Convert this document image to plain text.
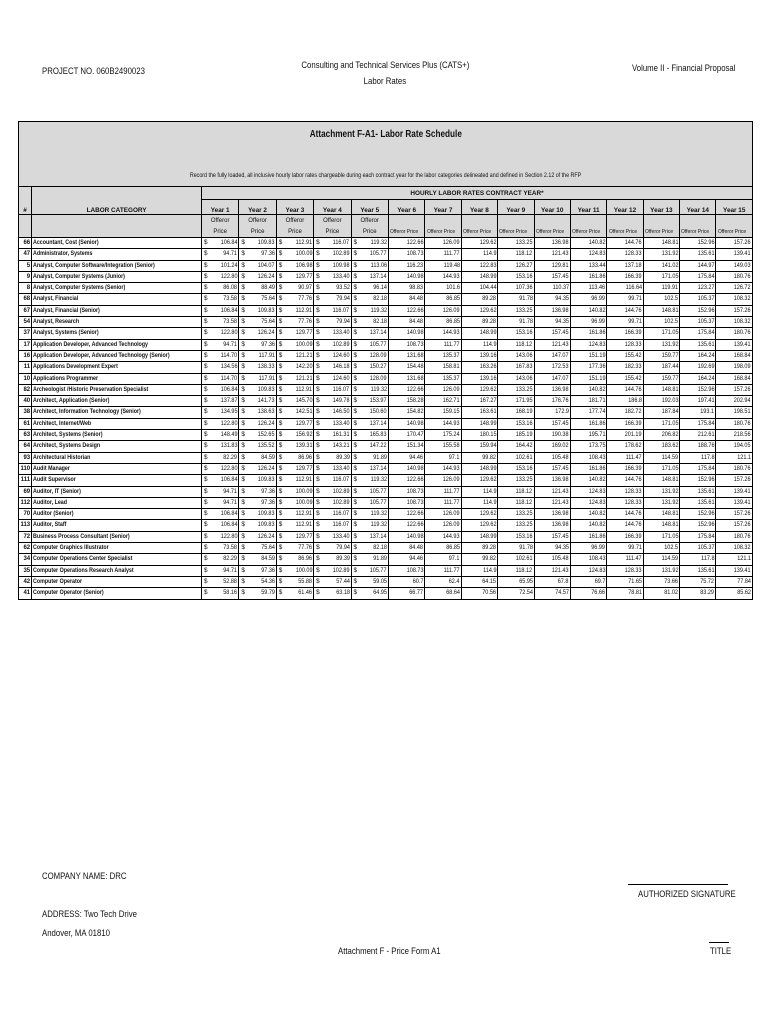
PROJECT NO. 060B2490023
Consulting and Technical Services Plus (CATS+)
Labor Rates
Volume II - Financial Proposal
Attachment F-A1- Labor Rate Schedule
Record the fully loaded, all inclusive hourly labor rates chargeable during each contract year for the labor categories delineated and defined in Section 2.12 of the RFP
		HOURLY LABOR RATES CONTRACT YEAR*																			
#	LABOR CATEGORY	Year 1		Year 2		Year 3		Year 4		Year 5		Year 6	Year 7	Year 8	Year 9	Year 10	Year 11	Year 12	Year 13	Year 14	Year 15
		Offeror		Offeror		Offeror		Offeror		Offeror											
		Price		Price		Price		Price		Price		Offeror Price	Offeror Price	Offeror Price	Offeror Price	Offeror Price	Offeror Price	Offeror Price	Offeror Price	Offeror Price	Offeror Price
66	Accountant, Cost (Senior)	$	106.84	$	109.83	$	112.91	$	116.07	$	119.32	122.66	126.09	129.62	133.25	136.98	140.82	144.76	148.81	152.96	157.26
47	Administrator, Systems	$	94.71	$	97.36	$	100.09	$	102.89	$	105.77	108.73	111.77	114.9	118.12	121.43	124.83	128.33	131.92	135.61	139.41
5	Analyst, Computer Software/Integration (Senior)	$	101.24	$	104.07	$	106.98	$	109.98	$	113.06	116.23	119.48	122.83	126.27	129.81	133.44	137.18	141.02	144.97	149.03
9	Analyst, Computer Systems (Junior)	$	122.80	$	126.24	$	129.77	$	133.40	$	137.14	140.98	144.93	148.99	153.16	157.45	161.86	166.39	171.05	175.84	180.76
8	Analyst, Computer Systems (Senior)	$	86.08	$	88.49	$	90.97	$	93.52	$	96.14	98.83	101.6	104.44	107.36	110.37	113.46	116.64	119.91	123.27	126.72
68	Analyst, Financial	$	73.58	$	75.64	$	77.76	$	79.94	$	82.18	84.48	86.85	89.28	91.78	94.35	96.99	99.71	102.5	105.37	108.32
67	Analyst, Financial (Senior)	$	106.84	$	109.83	$	112.91	$	116.07	$	119.32	122.66	126.09	129.62	133.25	136.98	140.82	144.76	148.81	152.96	157.26
54	Analyst, Research	$	73.58	$	75.64	$	77.76	$	79.94	$	82.18	84.48	86.85	89.28	91.78	94.35	96.99	99.71	102.5	105.37	108.32
37	Analyst, Systems (Senior)	$	122.80	$	126.24	$	129.77	$	133.40	$	137.14	140.98	144.93	148.99	153.16	157.45	161.86	166.39	171.05	175.84	180.76
17	Application Developer, Advanced Technology	$	94.71	$	97.36	$	100.09	$	102.89	$	105.77	108.73	111.77	114.9	118.12	121.43	124.83	128.33	131.92	135.61	139.41
16	Application Developer, Advanced Technology (Senior)	$	114.70	$	117.91	$	121.21	$	124.60	$	128.09	131.68	135.37	139.16	143.06	147.07	151.19	155.42	159.77	164.24	168.84
11	Applications Development Expert	$	134.56	$	138.33	$	142.20	$	146.18	$	150.27	154.48	158.81	163.26	167.83	172.53	177.36	182.33	187.44	192.69	198.09
10	Applications Programmer	$	114.70	$	117.91	$	121.21	$	124.60	$	128.09	131.68	135.37	139.16	143.06	147.07	151.19	155.42	159.77	164.24	168.84
82	Archeologist /Historic Preservation Specialist	$	106.84	$	109.83	$	112.91	$	116.07	$	119.32	122.66	126.09	129.62	133.25	136.98	140.82	144.76	148.81	152.96	157.26
40	Architect, Application (Senior)	$	137.87	$	141.73	$	145.70	$	149.78	$	153.97	158.28	162.71	167.27	171.95	176.76	181.71	186.8	192.03	197.41	202.94
38	Architect, Information Technology (Senior)	$	134.95	$	138.63	$	142.51	$	146.50	$	150.60	154.82	159.15	163.61	168.19	172.9	177.74	182.72	187.84	193.1	198.51
61	Architect, Internet/Web	$	122.80	$	126.24	$	129.77	$	133.40	$	137.14	140.98	144.93	148.99	153.16	157.45	161.86	166.39	171.05	175.84	180.76
63	Architect, Systems (Senior)	$	148.49	$	152.65	$	156.92	$	161.31	$	165.83	170.47	175.24	180.15	185.19	190.38	195.71	201.19	206.82	212.61	218.56
64	Architect, Systems Design	$	131.83	$	135.52	$	139.31	$	143.21	$	147.22	151.34	155.58	159.94	164.42	169.02	173.75	178.62	183.62	188.76	194.05
93	Architectural Historian	$	82.29	$	84.59	$	86.96	$	89.39	$	91.89	94.46	97.1	99.82	102.61	105.48	108.43	111.47	114.59	117.8	121.1
110	Audit Manager	$	122.80	$	126.24	$	129.77	$	133.40	$	137.14	140.98	144.93	148.99	153.16	157.45	161.86	166.39	171.05	175.84	180.76
111	Audit Supervisor	$	106.84	$	109.83	$	112.91	$	116.07	$	119.32	122.66	126.09	129.62	133.25	136.98	140.82	144.76	148.81	152.96	157.26
69	Auditor, IT (Senior)	$	94.71	$	97.36	$	100.09	$	102.89	$	105.77	108.73	111.77	114.9	118.12	121.43	124.83	128.33	131.92	135.61	139.41
112	Auditor, Lead	$	94.71	$	97.36	$	100.09	$	102.89	$	105.77	108.73	111.77	114.9	118.12	121.43	124.83	128.33	131.92	135.61	139.41
70	Auditor (Senior)	$	106.84	$	109.83	$	112.91	$	116.07	$	119.32	122.66	126.09	129.62	133.25	136.98	140.82	144.76	148.81	152.96	157.26
113	Auditor, Staff	$	106.84	$	109.83	$	112.91	$	116.07	$	119.32	122.66	126.09	129.62	133.25	136.98	140.82	144.76	148.81	152.96	157.26
72	Business Process Consultant (Senior)	$	122.80	$	126.24	$	129.77	$	133.40	$	137.14	140.98	144.93	148.99	153.16	157.45	161.86	166.39	171.05	175.84	180.76
62	Computer Graphics Illustrator	$	73.58	$	75.64	$	77.76	$	79.94	$	82.18	84.48	86.85	89.28	91.78	94.35	96.99	99.71	102.5	105.37	108.32
34	Computer Operations Center Specialist	$	82.29	$	84.59	$	86.96	$	89.39	$	91.89	94.46	97.1	99.82	102.61	105.48	108.43	111.47	114.59	117.8	121.1
35	Computer Operations Research Analyst	$	94.71	$	97.36	$	100.09	$	102.89	$	105.77	108.73	111.77	114.9	118.12	121.43	124.83	128.33	131.92	135.61	139.41
42	Computer Operator	$	52.88	$	54.36	$	55.88	$	57.44	$	59.05	60.7	62.4	64.15	65.95	67.8	69.7	71.65	73.66	75.72	77.84
41	Computer Operator (Senior)	$	58.16	$	59.79	$	61.46	$	63.18	$	64.95	66.77	68.64	70.56	72.54	74.57	76.66	78.81	81.02	83.29	85.62
COMPANY NAME: DRC
AUTHORIZED SIGNATURE
ADDRESS: Two Tech Drive
Andover, MA 01810
Attachment F - Price Form A1	TITLE
